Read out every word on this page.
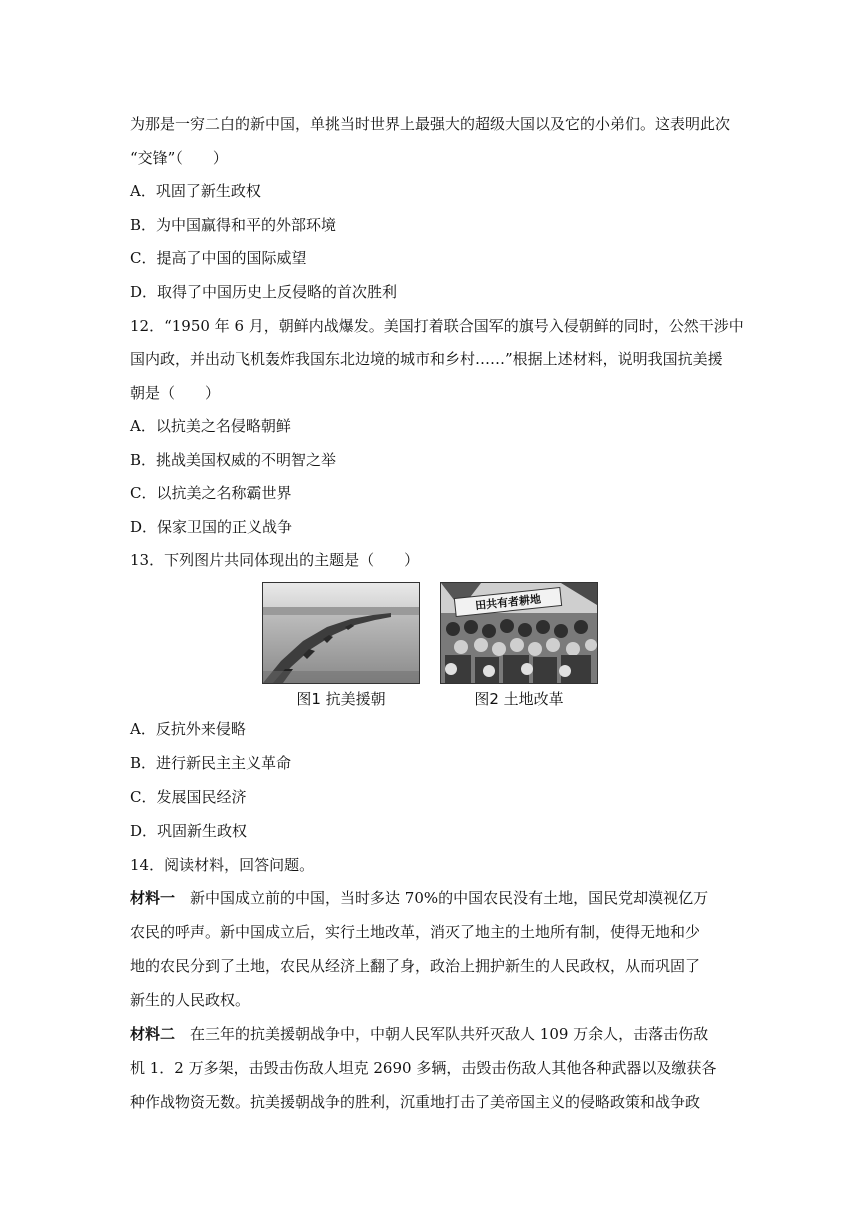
为那是一穷二白的新中国，单挑当时世界上最强大的超级大国以及它的小弟们。这表明此次
“交锋”（　　）
A．巩固了新生政权
B．为中国赢得和平的外部环境
C．提高了中国的国际威望
D．取得了中国历史上反侵略的首次胜利
12．“1950 年 6 月，朝鲜内战爆发。美国打着联合国军的旗号入侵朝鲜的同时，公然干涉中
国内政，并出动飞机轰炸我国东北边境的城市和乡村……”根据上述材料，说明我国抗美援
朝是（　　）
A．以抗美之名侵略朝鲜
B．挑战美国权威的不明智之举
C．以抗美之名称霸世界
D．保家卫国的正义战争
13．下列图片共同体现出的主题是（　　）
图1 抗美援朝
田共有者耕地
图2 土地改革
A．反抗外来侵略
B．进行新民主主义革命
C．发展国民经济
D．巩固新生政权
14．阅读材料，回答问题。
材料一　新中国成立前的中国，当时多达 70%的中国农民没有土地，国民党却漠视亿万
农民的呼声。新中国成立后，实行土地改革，消灭了地主的土地所有制，使得无地和少
地的农民分到了土地，农民从经济上翻了身，政治上拥护新生的人民政权，从而巩固了
新生的人民政权。
材料二　在三年的抗美援朝战争中，中朝人民军队共歼灭敌人 109 万余人，击落击伤敌
机 1．2 万多架，击毁击伤敌人坦克 2690 多辆，击毁击伤敌人其他各种武器以及缴获各
种作战物资无数。抗美援朝战争的胜利，沉重地打击了美帝国主义的侵略政策和战争政
